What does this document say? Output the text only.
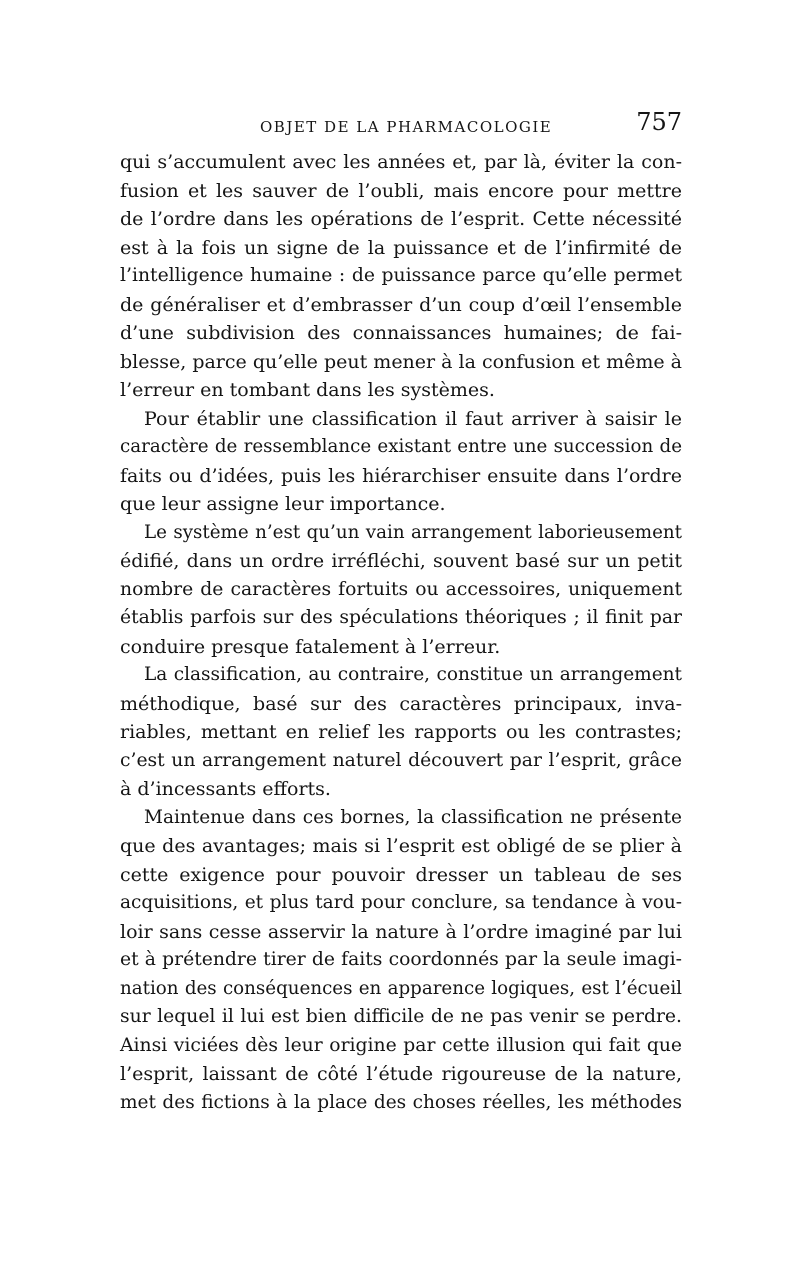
OBJET DE LA PHARMACOLOGIE	757
qui s’accumulent avec les années et, par là, éviter la con-
fusion et les sauver de l’oubli, mais encore pour mettre
de l’ordre dans les opérations de l’esprit. Cette nécessité
est à la fois un signe de la puissance et de l’infirmité de
l’intelligence humaine : de puissance parce qu’elle permet
de généraliser et d’embrasser d’un coup d’œil l’ensemble
d’une subdivision des connaissances humaines; de fai-
blesse, parce qu’elle peut mener à la confusion et même à
l’erreur en tombant dans les systèmes.
Pour établir une classification il faut arriver à saisir le
caractère de ressemblance existant entre une succession de
faits ou d’idées, puis les hiérarchiser ensuite dans l’ordre
que leur assigne leur importance.
Le système n’est qu’un vain arrangement laborieusement
édifié, dans un ordre irréfléchi, souvent basé sur un petit
nombre de caractères fortuits ou accessoires, uniquement
établis parfois sur des spéculations théoriques ; il finit par
conduire presque fatalement à l’erreur.
La classification, au contraire, constitue un arrangement
méthodique, basé sur des caractères principaux, inva-
riables, mettant en relief les rapports ou les contrastes;
c’est un arrangement naturel découvert par l’esprit, grâce
à d’incessants efforts.
Maintenue dans ces bornes, la classification ne présente
que des avantages; mais si l’esprit est obligé de se plier à
cette exigence pour pouvoir dresser un tableau de ses
acquisitions, et plus tard pour conclure, sa tendance à vou-
loir sans cesse asservir la nature à l’ordre imaginé par lui
et à prétendre tirer de faits coordonnés par la seule imagi-
nation des conséquences en apparence logiques, est l’écueil
sur lequel il lui est bien difficile de ne pas venir se perdre.
Ainsi viciées dès leur origine par cette illusion qui fait que
l’esprit, laissant de côté l’étude rigoureuse de la nature,
met des fictions à la place des choses réelles, les méthodes
